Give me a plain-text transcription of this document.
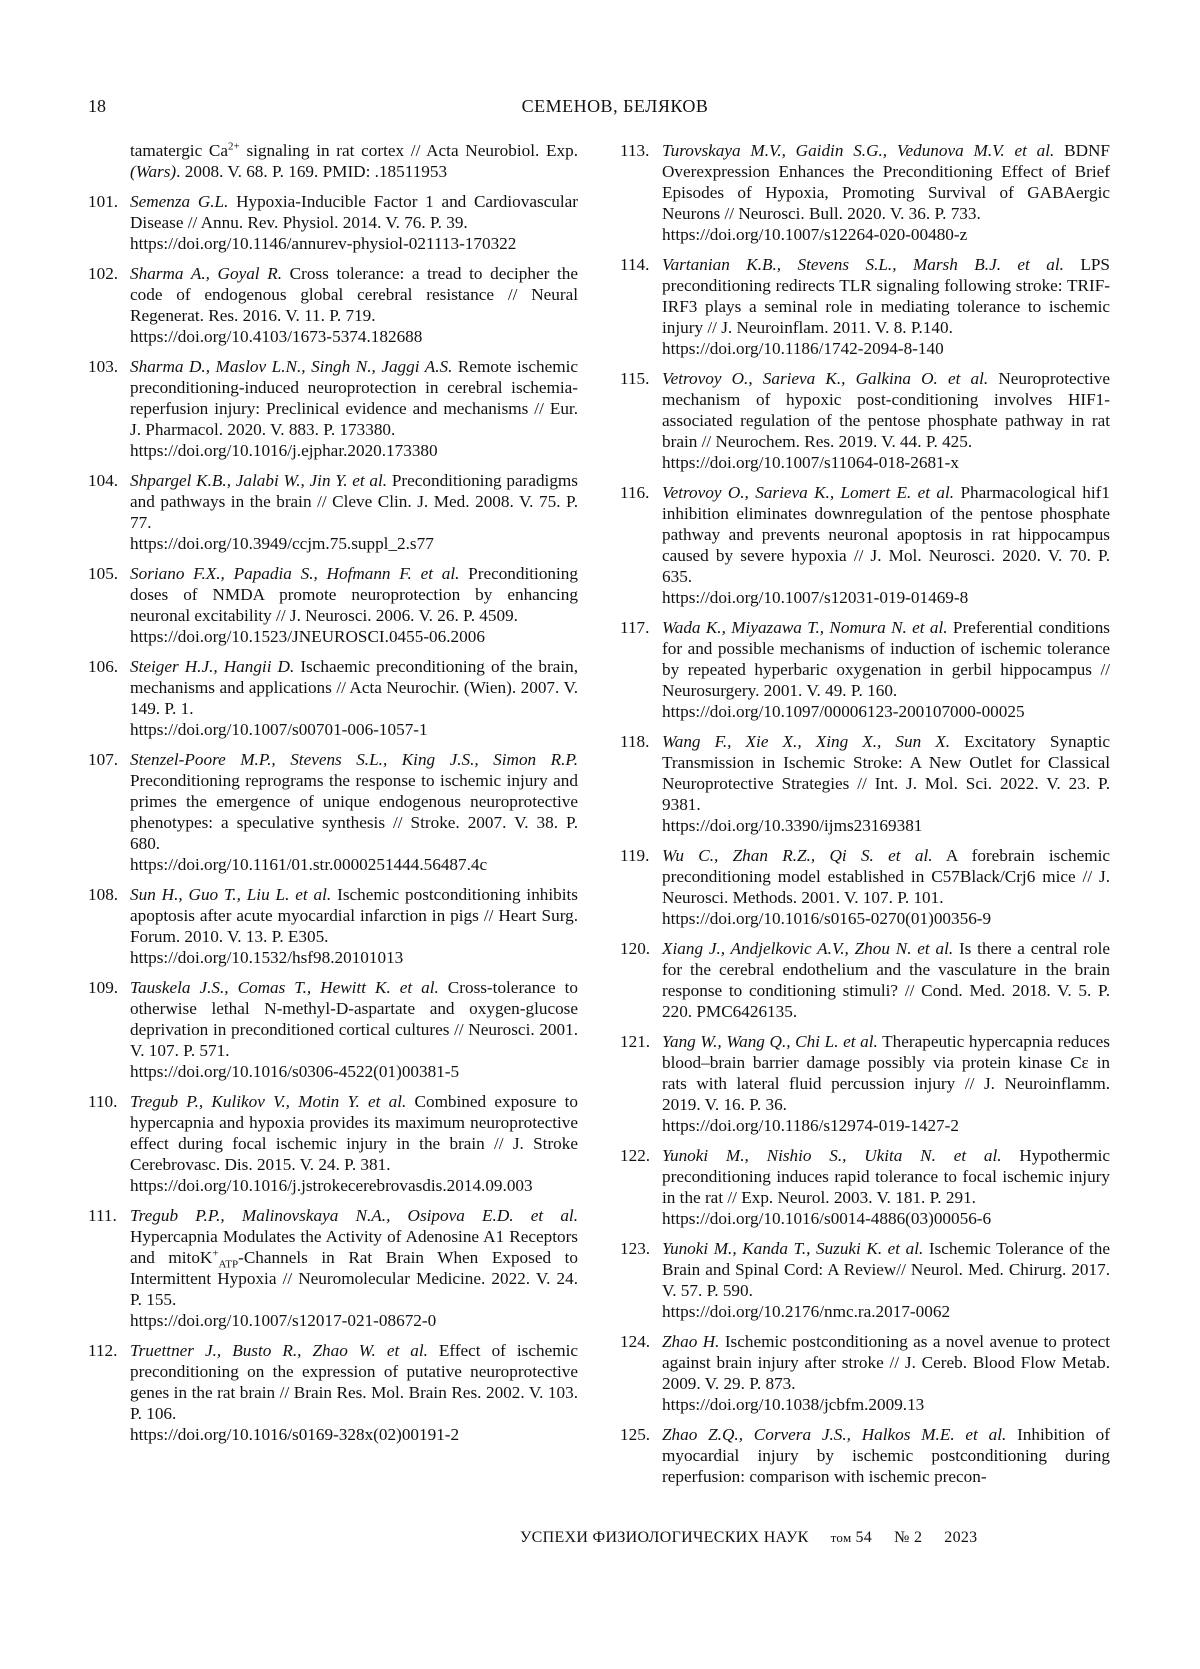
18	СЕМЕНОВ, БЕЛЯКОВ
tamatergic $Ca^{2+}$ signaling in rat cortex // Acta Neurobiol. Exp. (Wars). 2008. V. 68. P. 169. PMID: .18511953
101. Semenza G.L. Hypoxia-Inducible Factor 1 and Cardiovascular Disease // Annu. Rev. Physiol. 2014. V. 76. P. 39.
https://doi.org/10.1146/annurev-physiol-021113-170322
102. Sharma A., Goyal R. Cross tolerance: a tread to decipher the code of endogenous global cerebral resistance // Neural Regenerat. Res. 2016. V. 11. P. 719.
https://doi.org/10.4103/1673-5374.182688
103. Sharma D., Maslov L.N., Singh N., Jaggi A.S. Remote ischemic preconditioning-induced neuroprotection in cerebral ischemia-reperfusion injury: Preclinical evidence and mechanisms // Eur. J. Pharmacol. 2020. V. 883. P. 173380.
https://doi.org/10.1016/j.ejphar.2020.173380
104. Shpargel K.B., Jalabi W., Jin Y. et al. Preconditioning paradigms and pathways in the brain // Cleve Clin. J. Med. 2008. V. 75. P. 77.
https://doi.org/10.3949/ccjm.75.suppl_2.s77
105. Soriano F.X., Papadia S., Hofmann F. et al. Preconditioning doses of NMDA promote neuroprotection by enhancing neuronal excitability // J. Neurosci. 2006. V. 26. P. 4509.
https://doi.org/10.1523/JNEUROSCI.0455-06.2006
106. Steiger H.J., Hangii D. Ischaemic preconditioning of the brain, mechanisms and applications // Acta Neurochir. (Wien). 2007. V. 149. P. 1.
https://doi.org/10.1007/s00701-006-1057-1
107. Stenzel-Poore M.P., Stevens S.L., King J.S., Simon R.P. Preconditioning reprograms the response to ischemic injury and primes the emergence of unique endogenous neuroprotective phenotypes: a speculative synthesis // Stroke. 2007. V. 38. P. 680.
https://doi.org/10.1161/01.str.0000251444.56487.4c
108. Sun H., Guo T., Liu L. et al. Ischemic postconditioning inhibits apoptosis after acute myocardial infarction in pigs // Heart Surg. Forum. 2010. V. 13. P. E305.
https://doi.org/10.1532/hsf98.20101013
109. Tauskela J.S., Comas T., Hewitt K. et al. Cross-tolerance to otherwise lethal N-methyl-D-aspartate and oxygen-glucose deprivation in preconditioned cortical cultures // Neurosci. 2001. V. 107. P. 571.
https://doi.org/10.1016/s0306-4522(01)00381-5
110. Tregub P., Kulikov V., Motin Y. et al. Combined exposure to hypercapnia and hypoxia provides its maximum neuroprotective effect during focal ischemic injury in the brain // J. Stroke Cerebrovasc. Dis. 2015. V. 24. P. 381.
https://doi.org/10.1016/j.jstrokecerebrovasdis.2014.09.003
111. Tregub P.P., Malinovskaya N.A., Osipova E.D. et al. Hypercapnia Modulates the Activity of Adenosine A1 Receptors and mitoK+$_{ATP}$-Channels in Rat Brain When Exposed to Intermittent Hypoxia // Neuromolecular Medicine. 2022. V. 24. P. 155.
https://doi.org/10.1007/s12017-021-08672-0
112. Truettner J., Busto R., Zhao W. et al. Effect of ischemic preconditioning on the expression of putative neuroprotective genes in the rat brain // Brain Res. Mol. Brain Res. 2002. V. 103. P. 106.
https://doi.org/10.1016/s0169-328x(02)00191-2
113. Turovskaya M.V., Gaidin S.G., Vedunova M.V. et al. BDNF Overexpression Enhances the Preconditioning Effect of Brief Episodes of Hypoxia, Promoting Survival of GABAergic Neurons // Neurosci. Bull. 2020. V. 36. P. 733.
https://doi.org/10.1007/s12264-020-00480-z
114. Vartanian K.B., Stevens S.L., Marsh B.J. et al. LPS preconditioning redirects TLR signaling following stroke: TRIF-IRF3 plays a seminal role in mediating tolerance to ischemic injury // J. Neuroinflam. 2011. V. 8. P.140.
https://doi.org/10.1186/1742-2094-8-140
115. Vetrovoy O., Sarieva K., Galkina O. et al. Neuroprotective mechanism of hypoxic post-conditioning involves HIF1-associated regulation of the pentose phosphate pathway in rat brain // Neurochem. Res. 2019. V. 44. P. 425.
https://doi.org/10.1007/s11064-018-2681-x
116. Vetrovoy O., Sarieva K., Lomert E. et al. Pharmacological hif1 inhibition eliminates downregulation of the pentose phosphate pathway and prevents neuronal apoptosis in rat hippocampus caused by severe hypoxia // J. Mol. Neurosci. 2020. V. 70. P. 635.
https://doi.org/10.1007/s12031-019-01469-8
117. Wada K., Miyazawa T., Nomura N. et al. Preferential conditions for and possible mechanisms of induction of ischemic tolerance by repeated hyperbaric oxygenation in gerbil hippocampus // Neurosurgery. 2001. V. 49. P. 160.
https://doi.org/10.1097/00006123-200107000-00025
118. Wang F., Xie X., Xing X., Sun X. Excitatory Synaptic Transmission in Ischemic Stroke: A New Outlet for Classical Neuroprotective Strategies // Int. J. Mol. Sci. 2022. V. 23. P. 9381.
https://doi.org/10.3390/ijms23169381
119. Wu C., Zhan R.Z., Qi S. et al. A forebrain ischemic preconditioning model established in C57Black/Crj6 mice // J. Neurosci. Methods. 2001. V. 107. P. 101.
https://doi.org/10.1016/s0165-0270(01)00356-9
120. Xiang J., Andjelkovic A.V., Zhou N. et al. Is there a central role for the cerebral endothelium and the vasculature in the brain response to conditioning stimuli? // Cond. Med. 2018. V. 5. P. 220. PMC6426135.
121. Yang W., Wang Q., Chi L. et al. Therapeutic hypercapnia reduces blood–brain barrier damage possibly via protein kinase Cε in rats with lateral fluid percussion injury // J. Neuroinflamm. 2019. V. 16. P. 36.
https://doi.org/10.1186/s12974-019-1427-2
122. Yunoki M., Nishio S., Ukita N. et al. Hypothermic preconditioning induces rapid tolerance to focal ischemic injury in the rat // Exp. Neurol. 2003. V. 181. P. 291.
https://doi.org/10.1016/s0014-4886(03)00056-6
123. Yunoki M., Kanda T., Suzuki K. et al. Ischemic Tolerance of the Brain and Spinal Cord: A Review// Neurol. Med. Chirurg. 2017. V. 57. P. 590.
https://doi.org/10.2176/nmc.ra.2017-0062
124. Zhao H. Ischemic postconditioning as a novel avenue to protect against brain injury after stroke // J. Cereb. Blood Flow Metab. 2009. V. 29. P. 873.
https://doi.org/10.1038/jcbfm.2009.13
125. Zhao Z.Q., Corvera J.S., Halkos M.E. et al. Inhibition of myocardial injury by ischemic postconditioning during reperfusion: comparison with ischemic precon-
УСПЕХИ ФИЗИОЛОГИЧЕСКИХ НАУК том 54 № 2 2023
